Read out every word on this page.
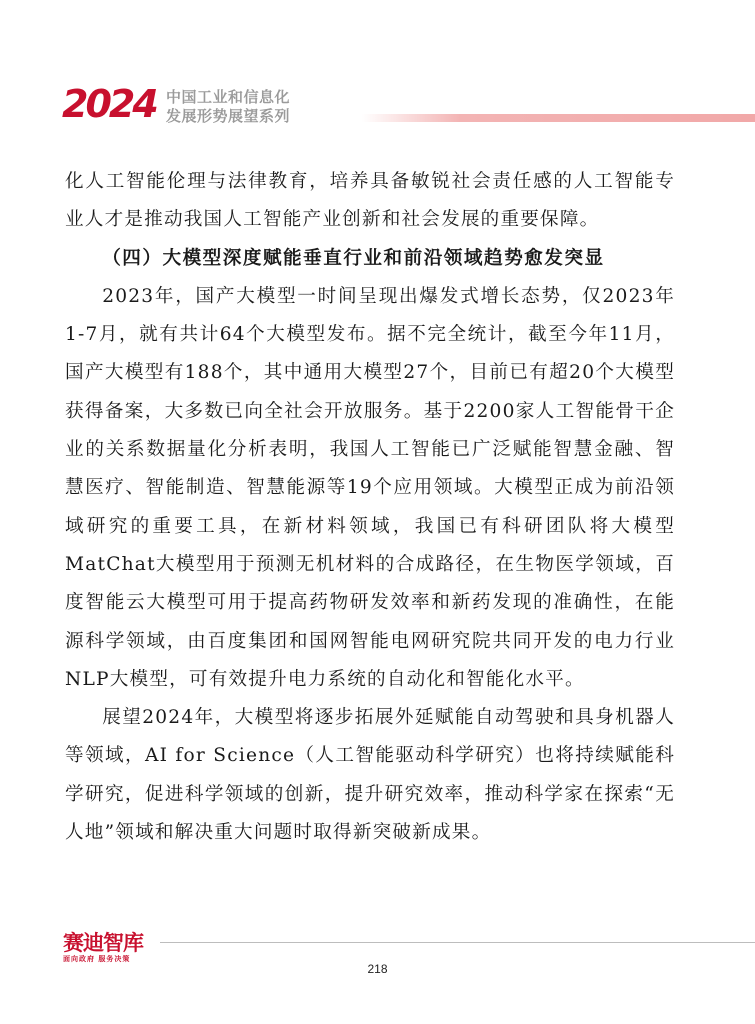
2024 中国工业和信息化
发展形势展望系列

化人工智能伦理与法律教育，培养具备敏锐社会责任感的人工智能专业人才是推动我国人工智能产业创新和社会发展的重要保障。

（四）大模型深度赋能垂直行业和前沿领域趋势愈发突显

2023年，国产大模型一时间呈现出爆发式增长态势，仅2023年1-7月，就有共计64个大模型发布。据不完全统计，截至今年11月，国产大模型有188个，其中通用大模型27个，目前已有超20个大模型获得备案，大多数已向全社会开放服务。基于2200家人工智能骨干企业的关系数据量化分析表明，我国人工智能已广泛赋能智慧金融、智慧医疗、智能制造、智慧能源等19个应用领域。大模型正成为前沿领域研究的重要工具，在新材料领域，我国已有科研团队将大模型MatChat大模型用于预测无机材料的合成路径，在生物医学领域，百度智能云大模型可用于提高药物研发效率和新药发现的准确性，在能源科学领域，由百度集团和国网智能电网研究院共同开发的电力行业NLP大模型，可有效提升电力系统的自动化和智能化水平。

展望2024年，大模型将逐步拓展外延赋能自动驾驶和具身机器人等领域，AI for Science（人工智能驱动科学研究）也将持续赋能科学研究，促进科学领域的创新，提升研究效率，推动科学家在探索“无人地”领域和解决重大问题时取得新突破新成果。

赛迪智库
面向政府 服务决策
218
